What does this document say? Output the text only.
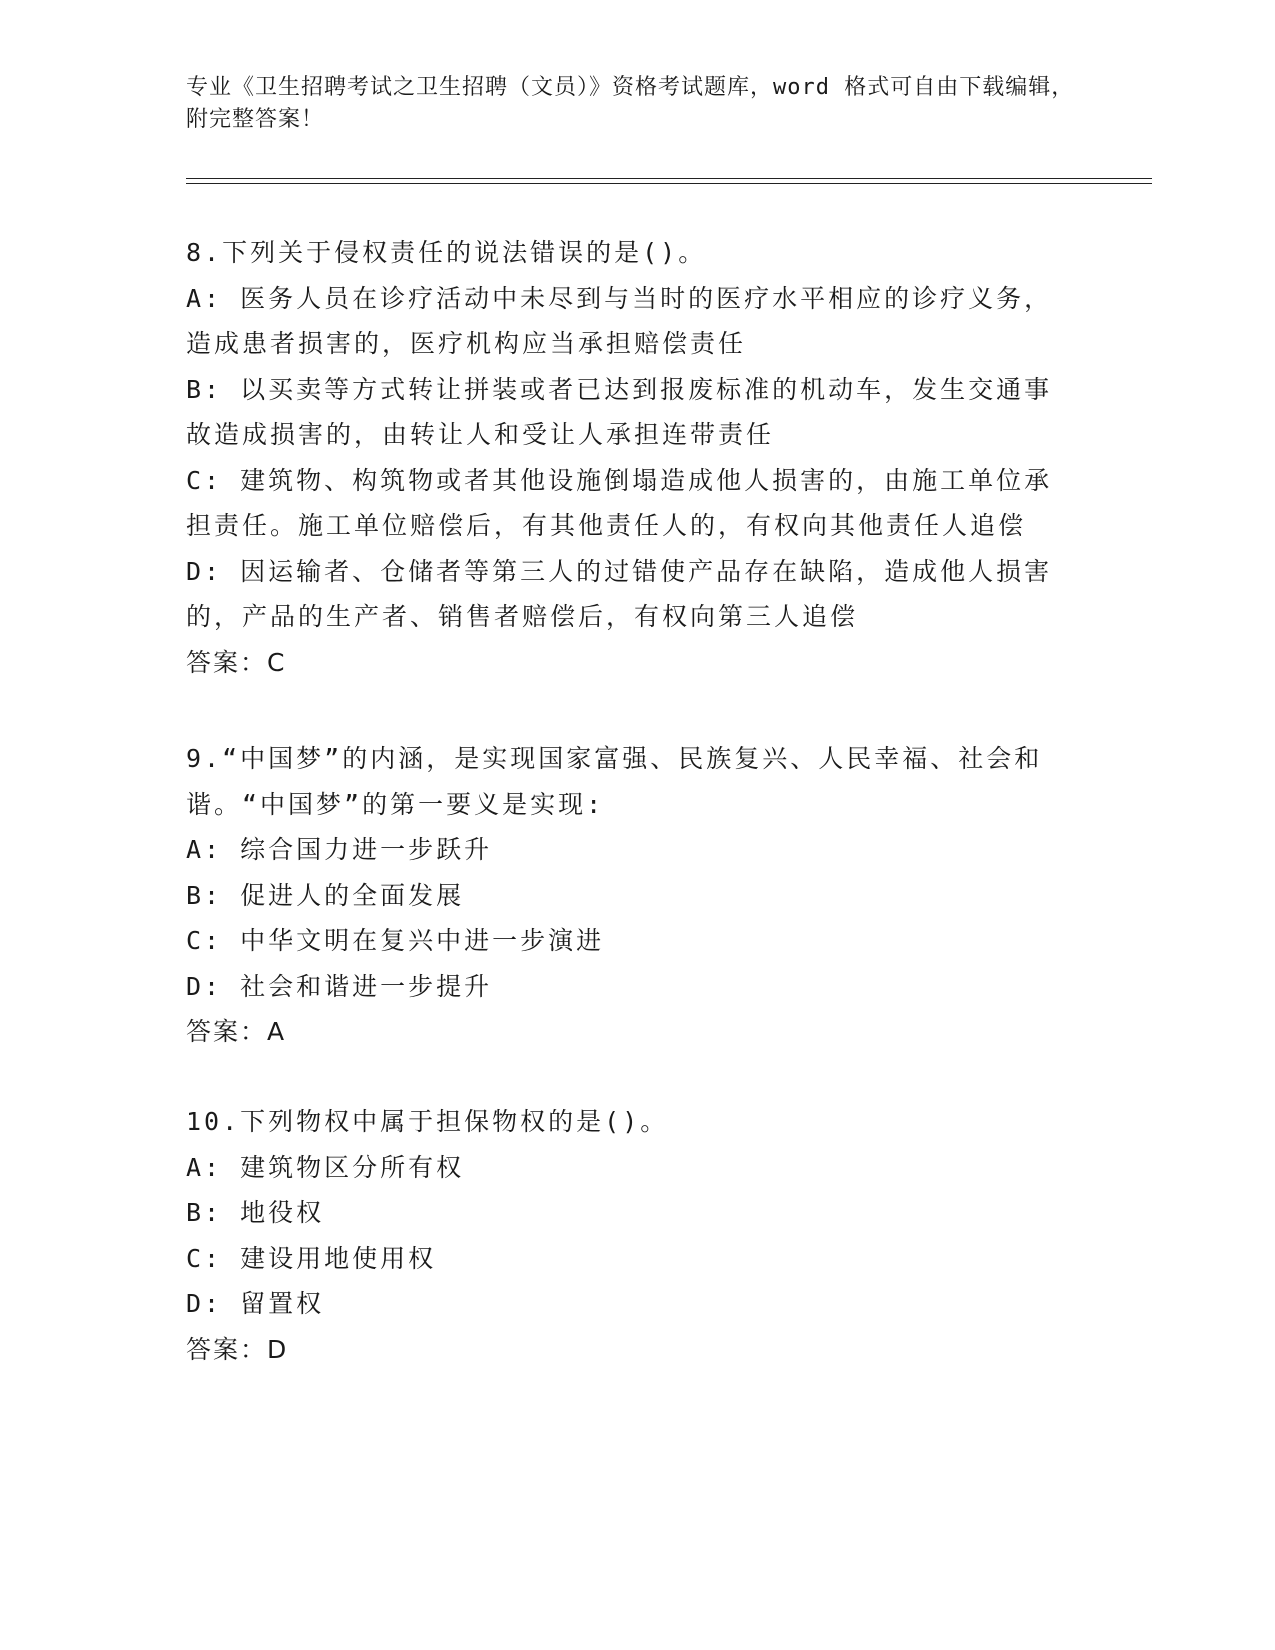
专业《卫生招聘考试之卫生招聘（文员）》资格考试题库，word 格式可自由下载编辑，附完整答案！

8.下列关于侵权责任的说法错误的是()。

A: 医务人员在诊疗活动中未尽到与当时的医疗水平相应的诊疗义务，造成患者损害的，医疗机构应当承担赔偿责任

B: 以买卖等方式转让拼装或者已达到报废标准的机动车，发生交通事故造成损害的，由转让人和受让人承担连带责任

C: 建筑物、构筑物或者其他设施倒塌造成他人损害的，由施工单位承担责任。施工单位赔偿后，有其他责任人的，有权向其他责任人追偿

D: 因运输者、仓储者等第三人的过错使产品存在缺陷，造成他人损害的，产品的生产者、销售者赔偿后，有权向第三人追偿

答案：C

9.“中国梦”的内涵，是实现国家富强、民族复兴、人民幸福、社会和谐。“中国梦”的第一要义是实现:

A: 综合国力进一步跃升

B: 促进人的全面发展

C: 中华文明在复兴中进一步演进

D: 社会和谐进一步提升

答案：A

10.下列物权中属于担保物权的是()。

A: 建筑物区分所有权

B: 地役权

C: 建设用地使用权

D: 留置权

答案：D
